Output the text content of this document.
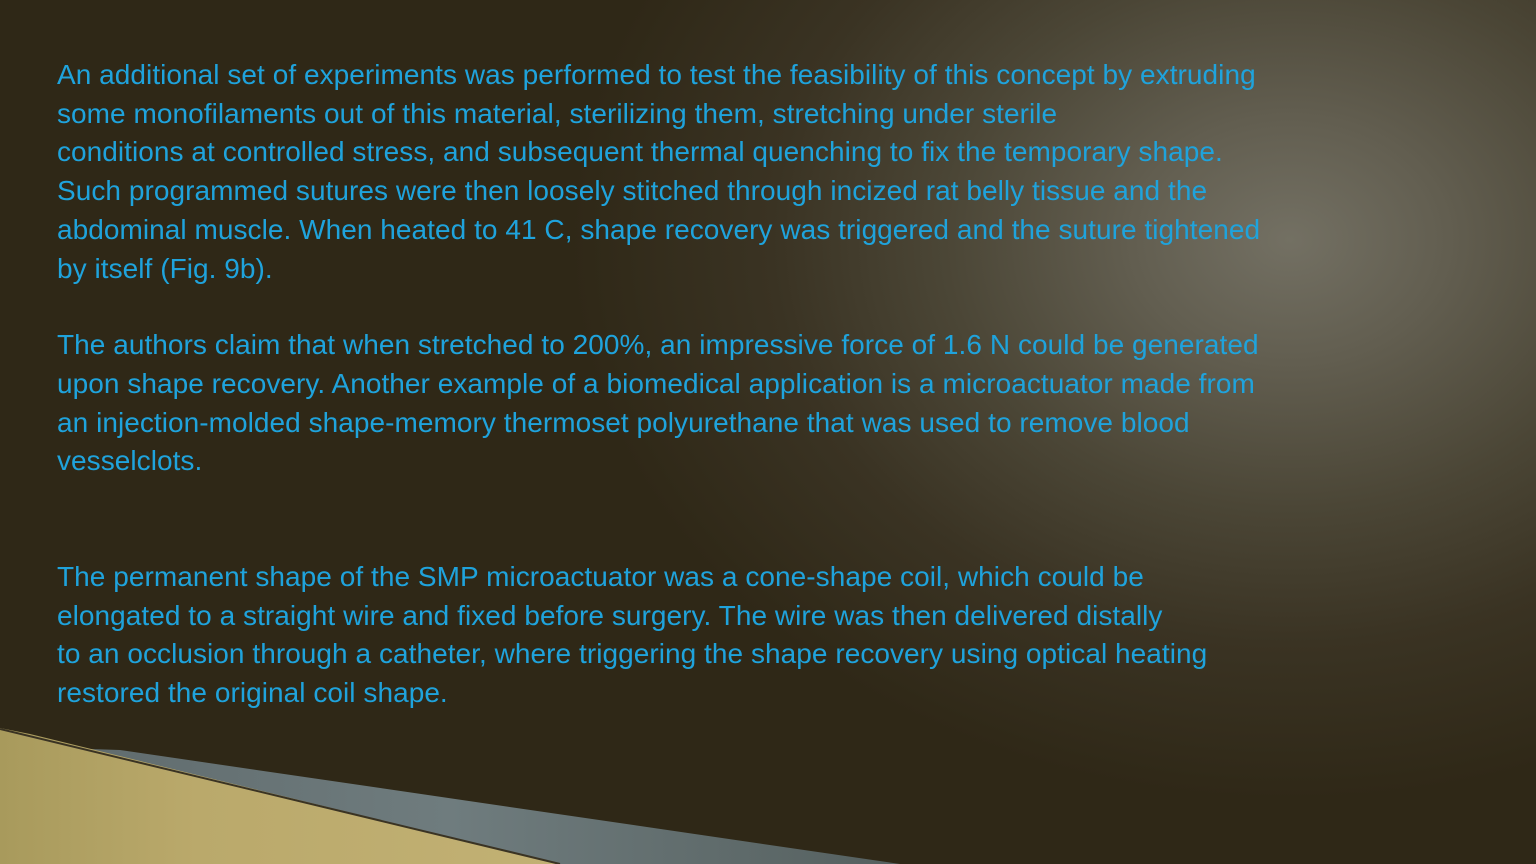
An additional set of experiments was performed to test the feasibility of this concept by extruding
some monofilaments out of this material, sterilizing them, stretching under sterile
conditions at controlled stress, and subsequent thermal quenching to fix the temporary shape.
Such programmed sutures were then loosely stitched through incized rat belly tissue and the
abdominal muscle. When heated to 41 C, shape recovery was triggered and the suture tightened
by itself (Fig. 9b).

The authors claim that when stretched to 200%, an impressive force of 1.6 N could be generated
upon shape recovery. Another example of a biomedical application is a microactuator made from
an injection-molded shape-memory thermoset polyurethane that was used to remove blood
vesselclots.

The permanent shape of the SMP microactuator was a cone-shape coil, which could be
elongated to a straight wire and fixed before surgery. The wire was then delivered distally
to an occlusion through a catheter, where triggering the shape recovery using optical heating
restored the original coil shape.
